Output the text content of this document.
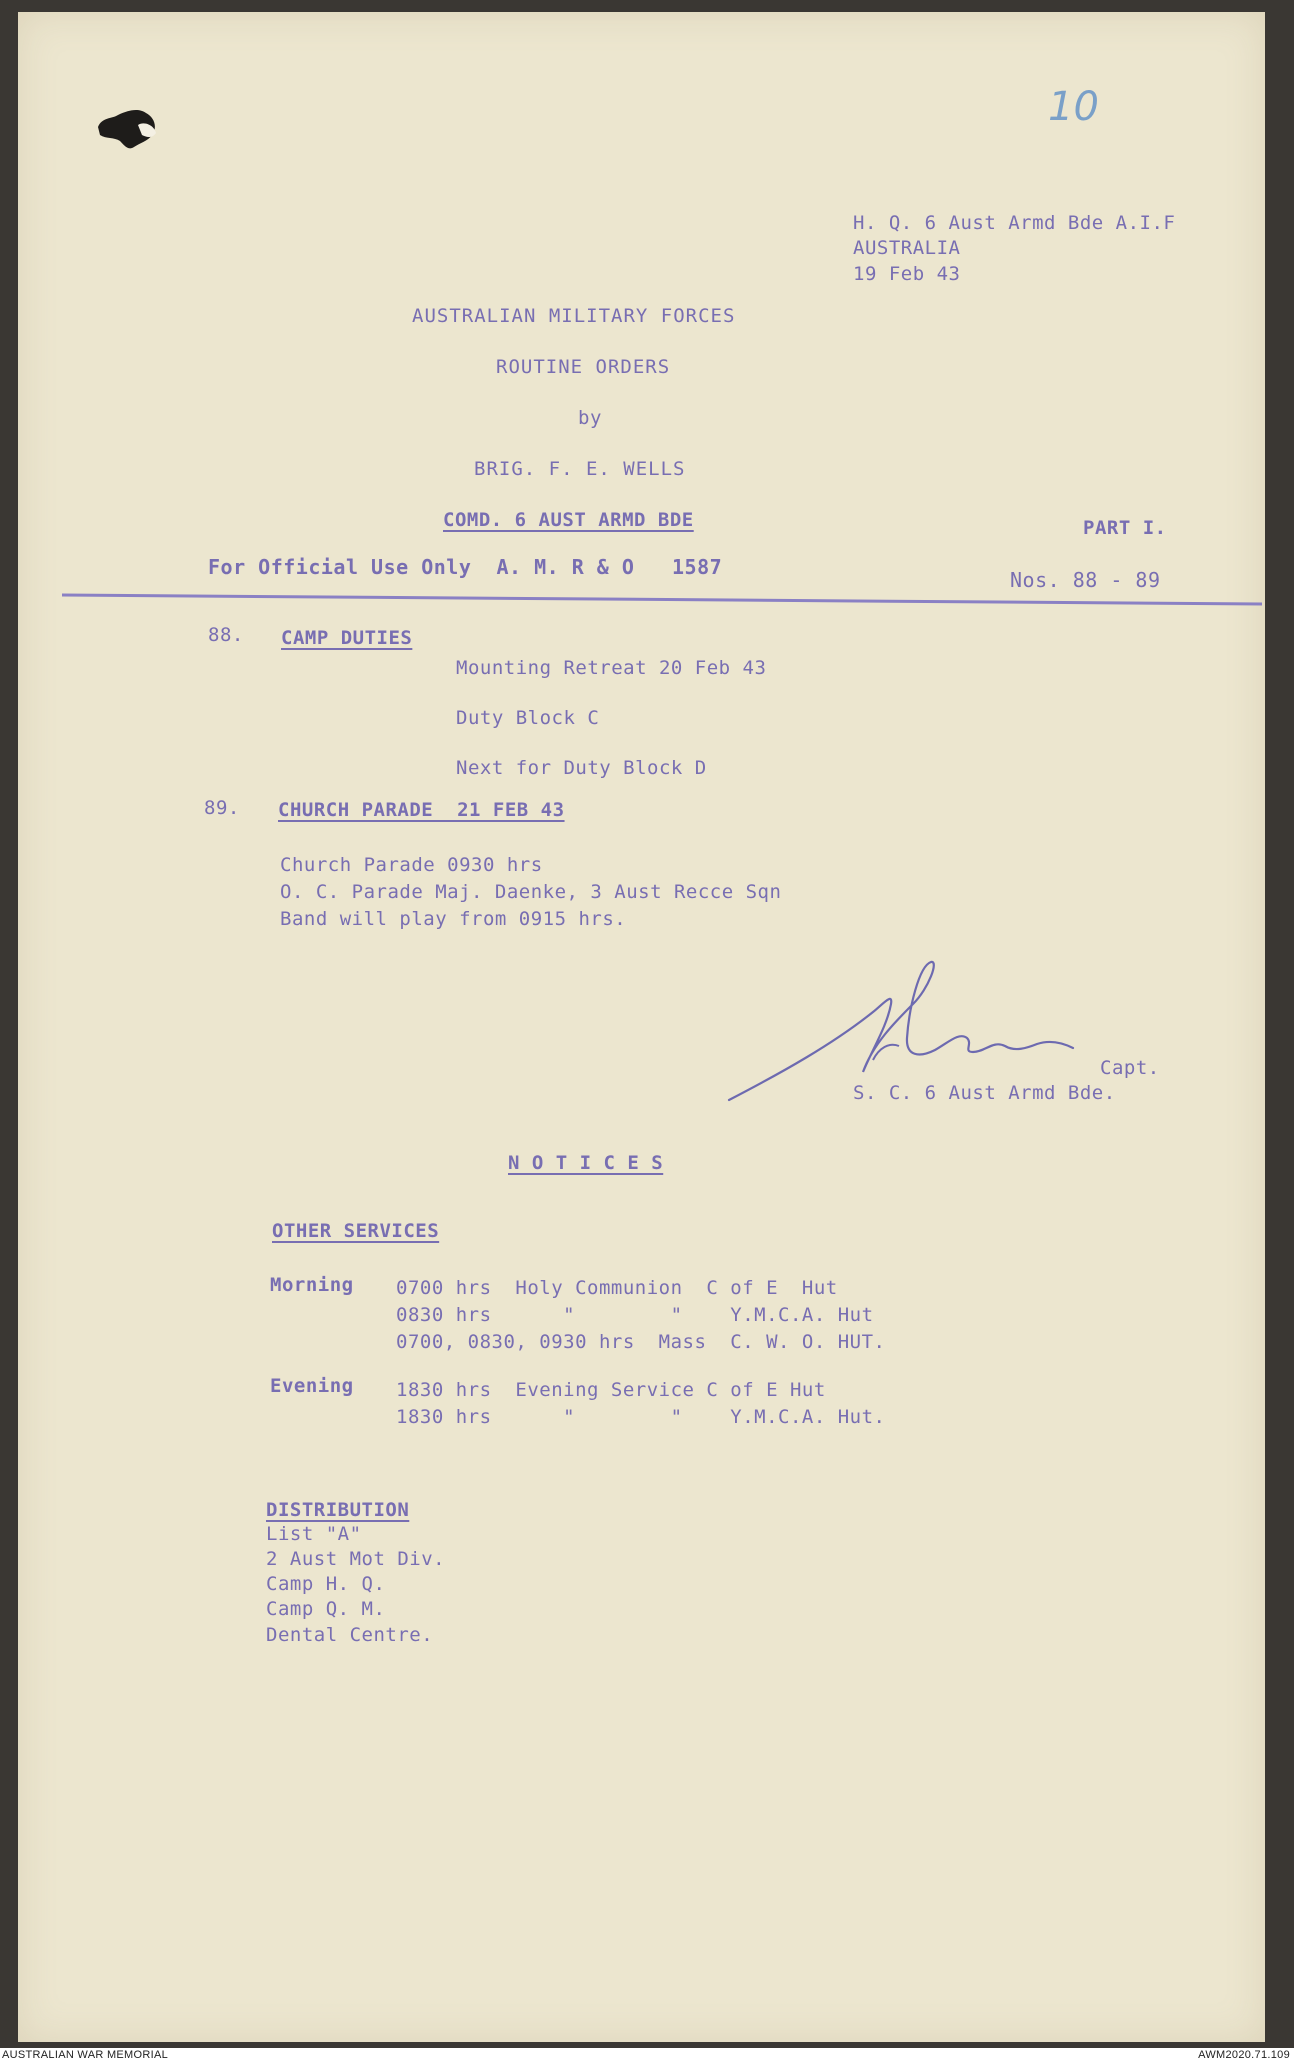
10
H. Q. 6 Aust Armd Bde A.I.F
AUSTRALIA
19 Feb 43
AUSTRALIAN MILITARY FORCES
ROUTINE ORDERS
by
BRIG. F. E. WELLS
COMD. 6 AUST ARMD BDE	PART I.
For Official Use Only  A. M. R & O   1587
Nos. 88 - 89
88. CAMP DUTIES
Mounting Retreat 20 Feb 43
Duty Block C
Next for Duty Block D
89. CHURCH PARADE  21 FEB 43
Church Parade 0930 hrs
O. C. Parade Maj. Daenke, 3 Aust Recce Sqn
Band will play from 0915 hrs.
Capt.
S. C. 6 Aust Armd Bde.
N O T I C E S
OTHER SERVICES
Morning 0700 hrs  Holy Communion  C of E  Hut
0830 hrs      "        "    Y.M.C.A. Hut
0700, 0830, 0930 hrs  Mass  C. W. O. HUT.
Evening 1830 hrs  Evening Service C of E Hut
1830 hrs      "        "    Y.M.C.A. Hut.
DISTRIBUTION
List "A"
2 Aust Mot Div.
Camp H. Q.
Camp Q. M.
Dental Centre.
AUSTRALIAN WAR MEMORIAL	AWM2020.71.109
